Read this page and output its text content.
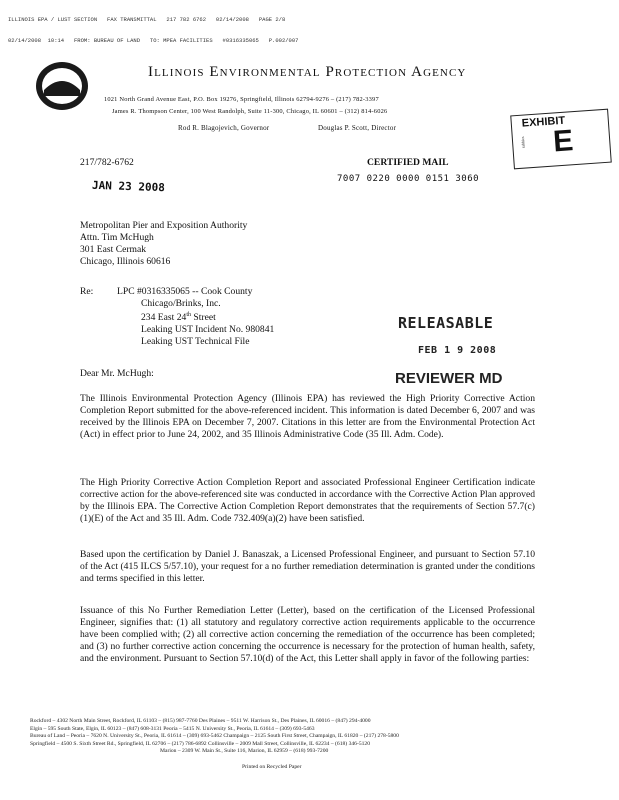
ILLINOIS EPA / LUST SECTION   FAX TRANSMITTAL   217 782 6762   02/14/2008   PAGE 2/8

02/14/2008  10:14   FROM: BUREAU OF LAND   TO: MPEA FACILITIES   #0316335065   P.002/007

Illinois Environmental Protection Agency
1021 North Grand Avenue East, P.O. Box 19276, Springfield, Illinois 62794-9276 – (217) 782-3397
James R. Thompson Center, 100 West Randolph, Suite 11-300, Chicago, IL 60601 – (312) 814-6026
Rod R. Blagojevich, Governor	Douglas P. Scott, Director	EXHIBIT
E
tabbies
217/782-6762	CERTIFIED MAIL
7007 0220 0000 0151 3060
JAN 23 2008
Metropolitan Pier and Exposition Authority
Attn. Tim McHugh
301 East Cermak
Chicago, Illinois 60616
Re: LPC #0316335065 -- Cook County
Chicago/Brinks, Inc.
234 East 24th Street
Leaking UST Incident No. 980841
Leaking UST Technical File
RELEASABLE
FEB 1 9 2008
REVIEWER MD
Dear Mr. McHugh:
The Illinois Environmental Protection Agency (Illinois EPA) has reviewed the High Priority Corrective Action Completion Report submitted for the above-referenced incident. This information is dated December 6, 2007 and was received by the Illinois EPA on December 7, 2007. Citations in this letter are from the Environmental Protection Act (Act) in effect prior to June 24, 2002, and 35 Illinois Administrative Code (35 Ill. Adm. Code).
The High Priority Corrective Action Completion Report and associated Professional Engineer Certification indicate corrective action for the above-referenced site was conducted in accordance with the Corrective Action Plan approved by the Illinois EPA. The Corrective Action Completion Report demonstrates that the requirements of Section 57.7(c)(1)(E) of the Act and 35 Ill. Adm. Code 732.409(a)(2) have been satisfied.
Based upon the certification by Daniel J. Banaszak, a Licensed Professional Engineer, and pursuant to Section 57.10 of the Act (415 ILCS 5/57.10), your request for a no further remediation determination is granted under the conditions and terms specified in this letter.
Issuance of this No Further Remediation Letter (Letter), based on the certification of the Licensed Professional Engineer, signifies that: (1) all statutory and regulatory corrective action requirements applicable to the occurrence have been complied with; (2) all corrective action concerning the remediation of the occurrence has been completed; and (3) no further corrective action concerning the occurrence is necessary for the protection of human health, safety, and the environment. Pursuant to Section 57.10(d) of the Act, this Letter shall apply in favor of the following parties:
Rockford – 4302 North Main Street, Rockford, IL 61103 – (815) 987-7760 Des Plaines – 9511 W. Harrison St., Des Plaines, IL 60016 – (847) 294-4000
Elgin – 595 South State, Elgin, IL 60123 – (847) 608-3131 Peoria – 5415 N. University St., Peoria, IL 61614 – (309) 693-5463
Bureau of Land – Peoria – 7620 N. University St., Peoria, IL 61614 – (309) 693-5462 Champaign – 2125 South First Street, Champaign, IL 61820 – (217) 278-5800
Springfield – 4500 S. Sixth Street Rd., Springfield, IL 62706 – (217) 786-6892 Collinsville – 2009 Mall Street, Collinsville, IL 62234 – (618) 346-5120
Marion – 2309 W. Main St., Suite 116, Marion, IL 62959 – (618) 993-7200
Printed on Recycled Paper
